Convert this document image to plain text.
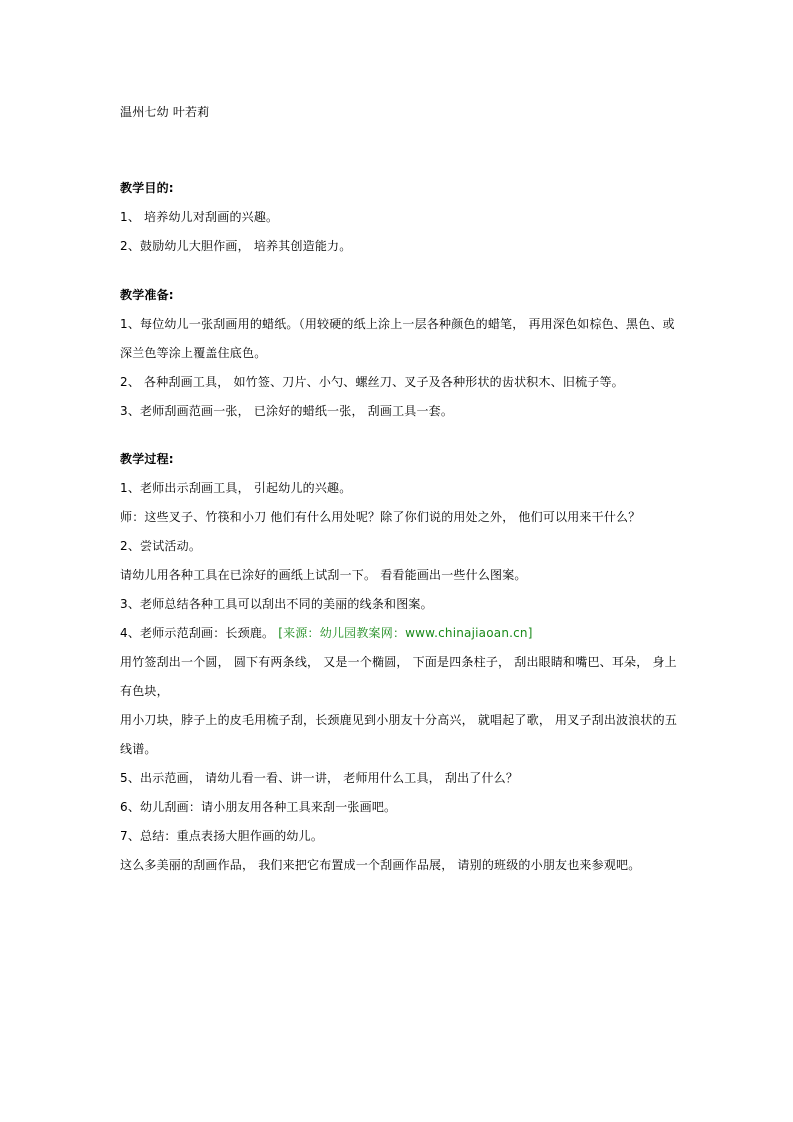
温州七幼 叶若莉
教学目的:
1、 培养幼儿对刮画的兴趣。
2、鼓励幼儿大胆作画， 培养其创造能力。
教学准备:
1、每位幼儿一张刮画用的蜡纸。（用较硬的纸上涂上一层各种颜色的蜡笔， 再用深色如棕色、黑色、或
深兰色等涂上覆盖住底色。
2、 各种刮画工具， 如竹签、刀片、小勺、螺丝刀、叉子及各种形状的齿状积木、旧梳子等。
3、老师刮画范画一张， 已涂好的蜡纸一张， 刮画工具一套。
教学过程:
1、老师出示刮画工具， 引起幼儿的兴趣。
师：这些叉子、竹筷和小刀 他们有什么用处呢？除了你们说的用处之外， 他们可以用来干什么？
2、尝试活动。
请幼儿用各种工具在已涂好的画纸上试刮一下。 看看能画出一些什么图案。
3、老师总结各种工具可以刮出不同的美丽的线条和图案。
4、老师示范刮画：长颈鹿。 [来源：幼儿园教案网：www.chinajiaoan.cn]
用竹签刮出一个圆， 圆下有两条线， 又是一个椭圆， 下面是四条柱子， 刮出眼睛和嘴巴、耳朵， 身上
有色块，
用小刀块，脖子上的皮毛用梳子刮，长颈鹿见到小朋友十分高兴， 就唱起了歌， 用叉子刮出波浪状的五
线谱。
5、出示范画， 请幼儿看一看、讲一讲， 老师用什么工具， 刮出了什么？
6、幼儿刮画：请小朋友用各种工具来刮一张画吧。
7、总结：重点表扬大胆作画的幼儿。
这么多美丽的刮画作品， 我们来把它布置成一个刮画作品展， 请别的班级的小朋友也来参观吧。
